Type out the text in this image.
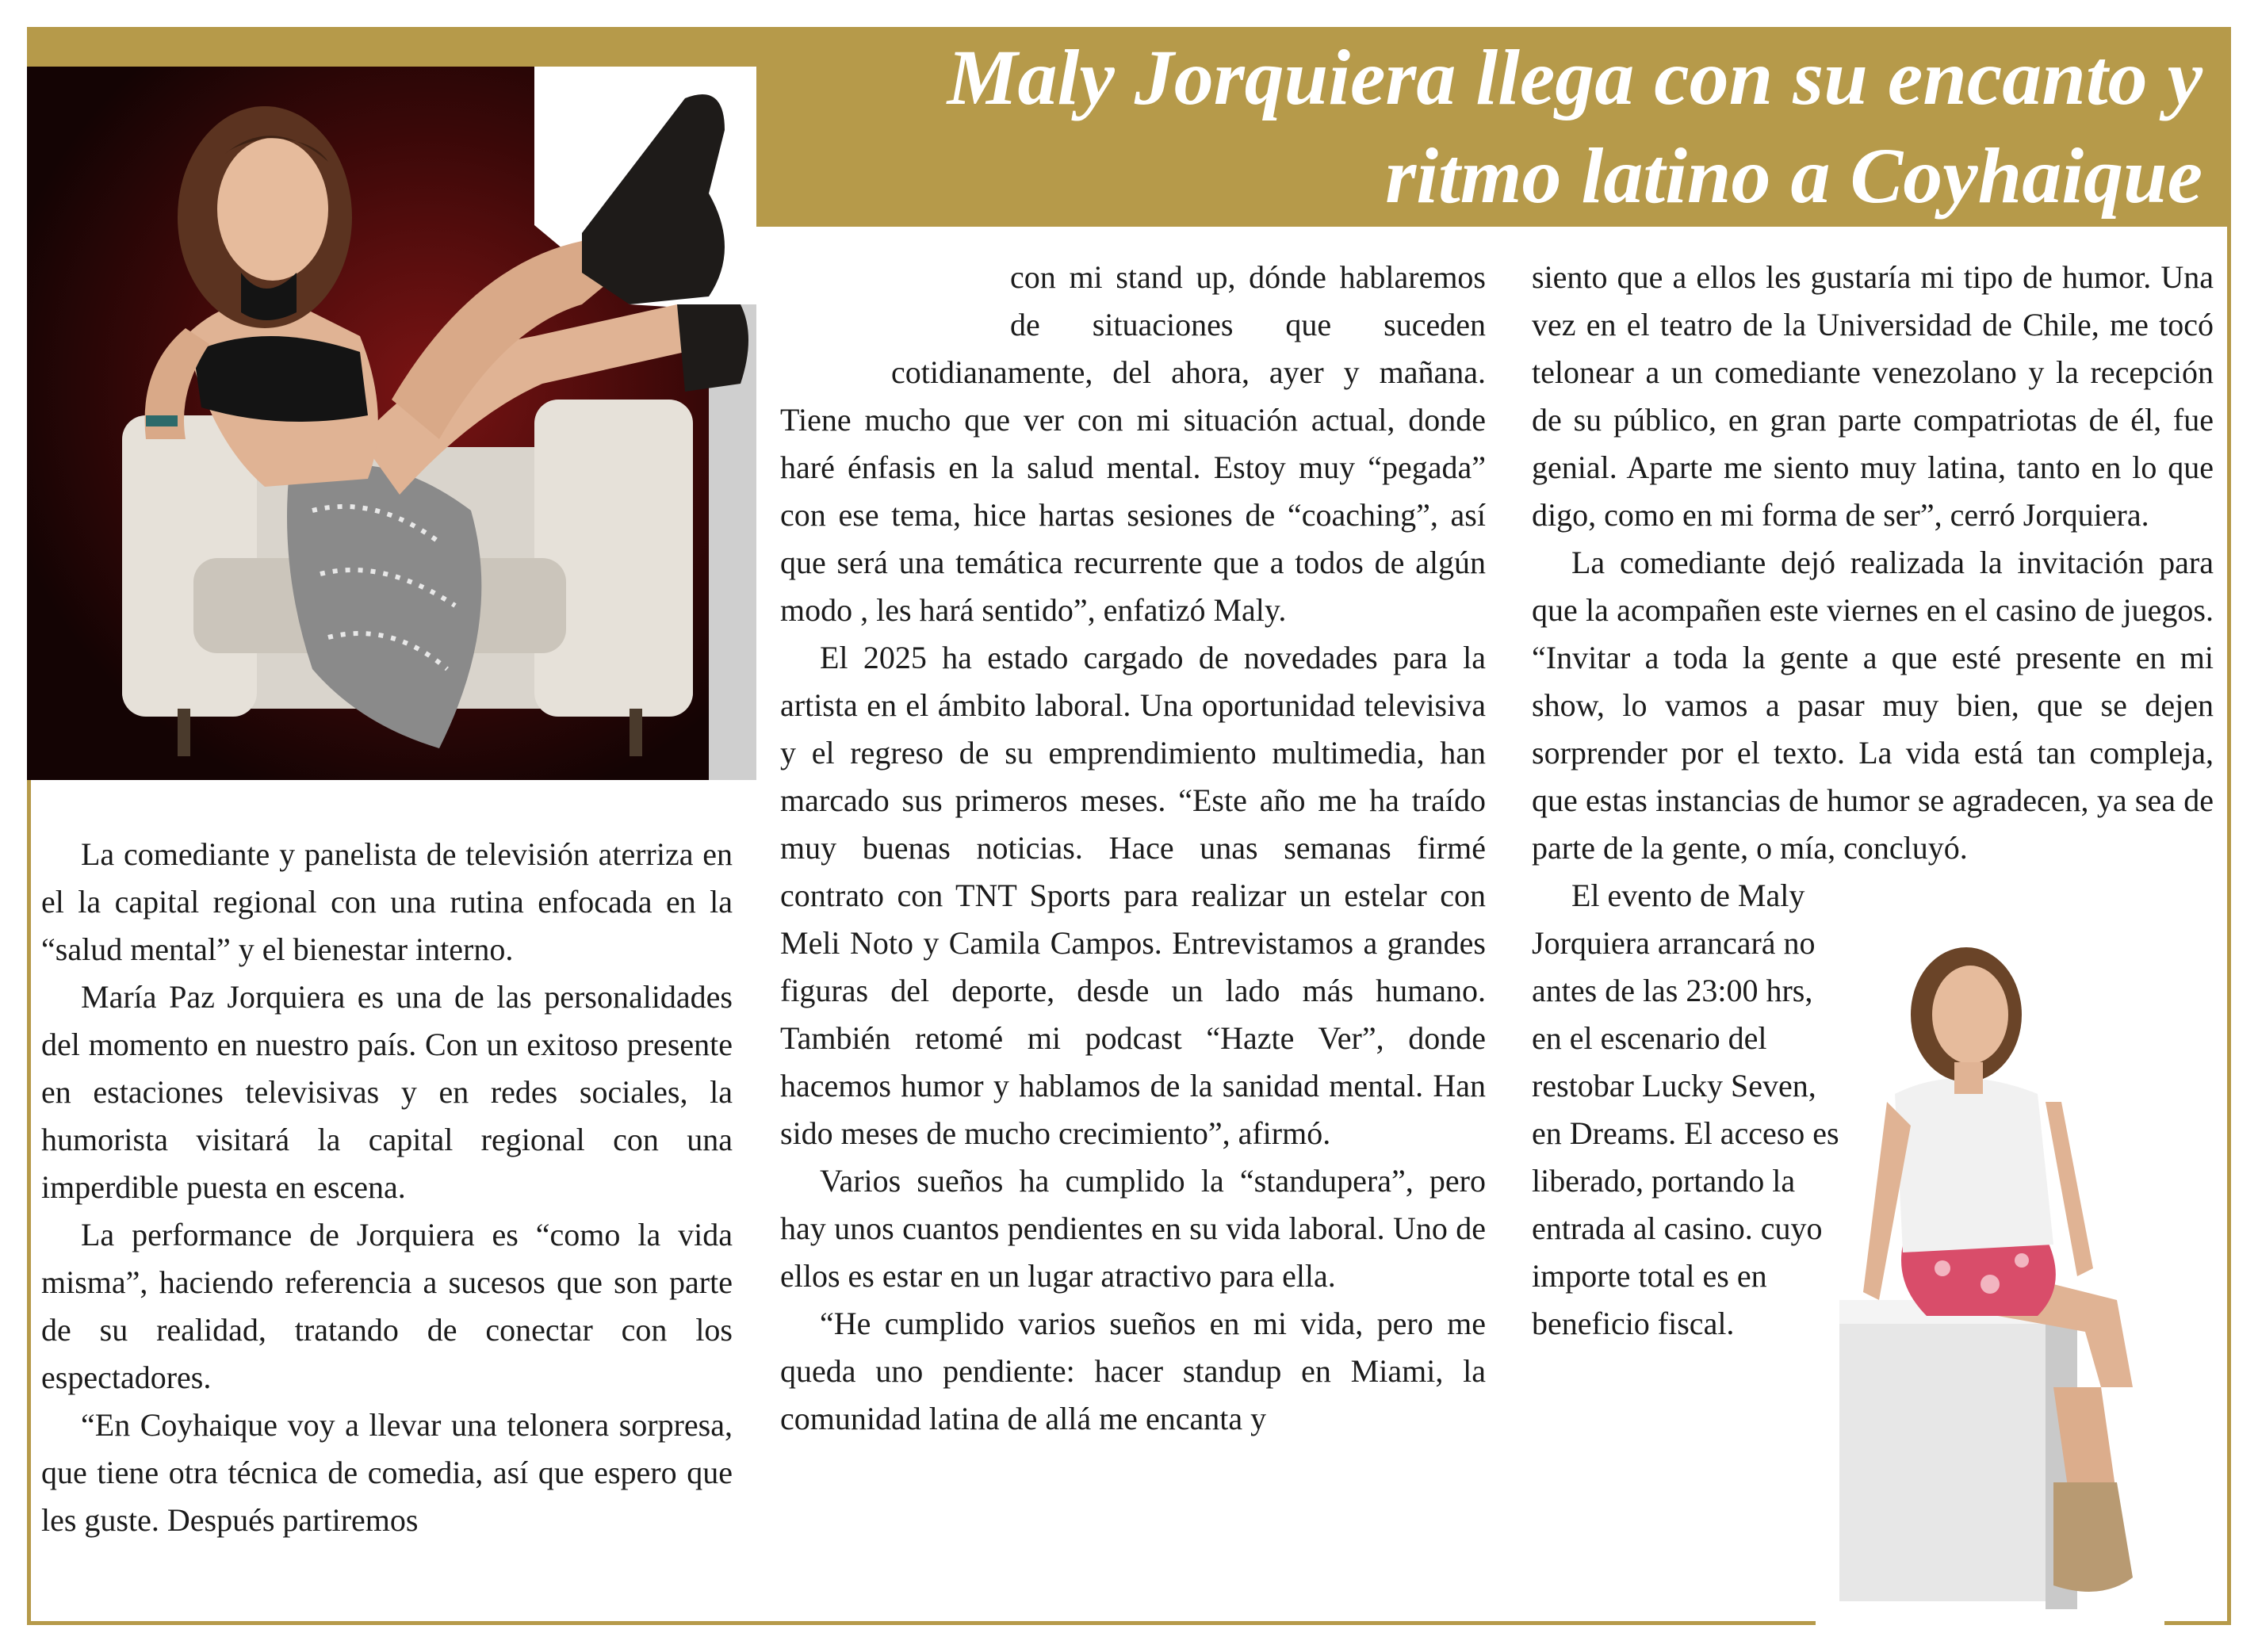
Maly Jorquiera llega con su encanto y
ritmo latino a Coyhaique

La comediante y panelista de televisión aterriza en el la capital regional con una rutina enfocada en la “salud mental” y el bienestar interno.

María Paz Jorquiera es una de las personalidades del momento en nuestro país. Con un exitoso presente en estaciones televisivas y en redes sociales, la humorista visitará la capital regional con una imperdible puesta en escena.

La performance de Jorquiera es “como la vida misma”, haciendo referencia a sucesos que son parte de su realidad, tratando de conectar con los espectadores.

“En Coyhaique voy a llevar una telonera sorpresa, que tiene otra técnica de comedia, así que espero que les guste. Después partiremos

con mi stand up, dónde hablaremos de situaciones que suceden cotidianamente, del ahora, ayer y mañana. Tiene mucho que ver con mi situación actual, donde haré énfasis en la salud mental. Estoy muy “pegada” con ese tema, hice hartas sesiones de “coaching”, así que será una temática recurrente que a todos de algún modo , les hará sentido”, enfatizó Maly.

El 2025 ha estado cargado de novedades para la artista en el ámbito laboral. Una oportunidad televisiva y el regreso de su emprendimiento multimedia, han marcado sus primeros meses. “Este año me ha traído muy buenas noticias. Hace unas semanas firmé contrato con TNT Sports para realizar un estelar con Meli Noto y Camila Campos. Entrevistamos a grandes figuras del deporte, desde un lado más humano. También retomé mi podcast “Hazte Ver”, donde hacemos humor y hablamos de la sanidad mental. Han sido meses de mucho crecimiento”, afirmó.

Varios sueños ha cumplido la “standupera”, pero hay unos cuantos pendientes en su vida laboral. Uno de ellos es estar en un lugar atractivo para ella.

“He cumplido varios sueños en mi vida, pero me queda uno pendiente: hacer standup en Miami, la comunidad latina de allá me encanta y

siento que a ellos les gustaría mi tipo de humor. Una vez en el teatro de la Universidad de Chile, me tocó telonear a un comediante venezolano y la recepción de su público, en gran parte compatriotas de él, fue genial. Aparte me siento muy latina, tanto en lo que digo, como en mi forma de ser”, cerró Jorquiera.

La comediante dejó realizada la invitación para que la acompañen este viernes en el casino de juegos. “Invitar a toda la gente a que esté presente en mi show, lo vamos a pasar muy bien, que se dejen sorprender por el texto. La vida está tan compleja, que estas instancias de humor se agradecen, ya sea de parte de la gente, o mía, concluyó.

El evento de Maly Jorquiera arrancará no antes de las 23:00 hrs, en el escenario del restobar Lucky Seven, en Dreams. El acceso es liberado, portando la entrada al casino. cuyo importe total es en beneficio fiscal.
